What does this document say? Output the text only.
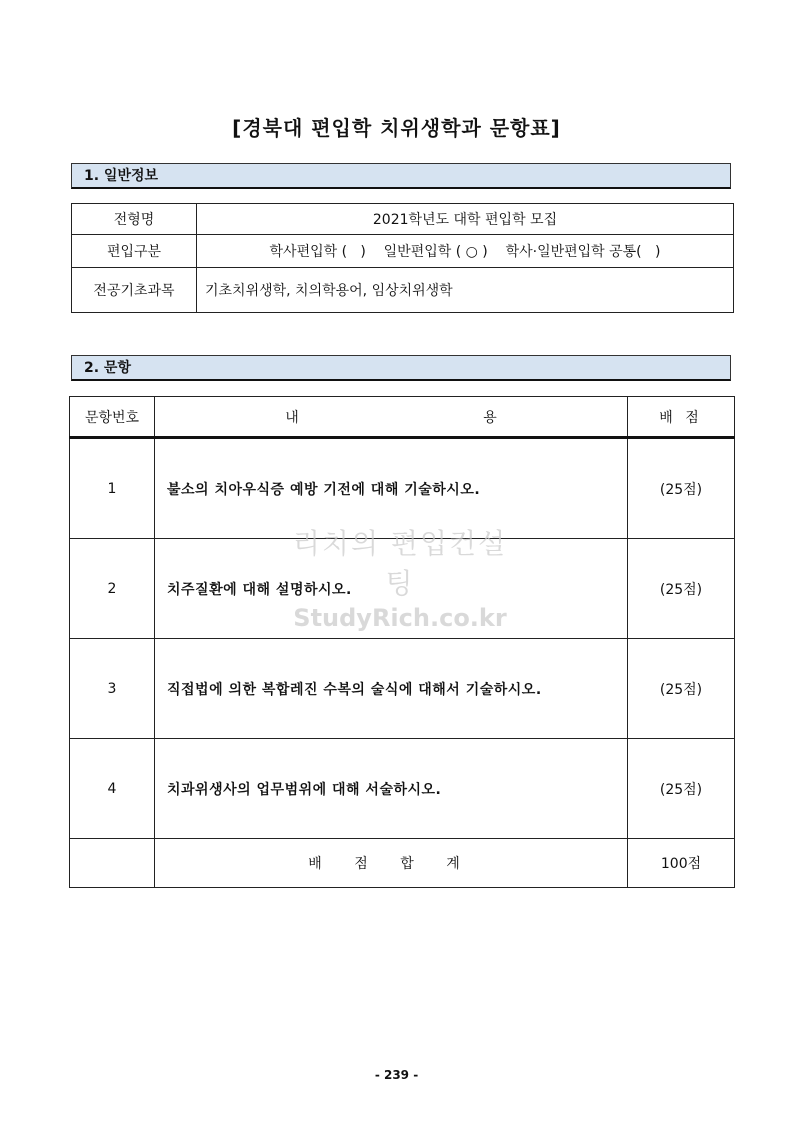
[경북대 편입학 치위생학과 문항표]
1. 일반정보
전형명	2021학년도 대학 편입학 모집
편입구분	학사편입학 (   )    일반편입학 ( ○ )    학사·일반편입학 공통(   )
전공기초과목	기초치위생학, 치의학용어, 임상치위생학
2. 문항
문항번호	내 용	배 점
1	불소의 치아우식증 예방 기전에 대해 기술하시오.	(25점)
2	치주질환에 대해 설명하시오.	(25점)
3	직접법에 의한 복합레진 수복의 술식에 대해서 기술하시오.	(25점)
4	치과위생사의 업무범위에 대해 서술하시오.	(25점)
	배 점 합 계	100점
리치의 편입컨설팅
StudyRich.co.kr
- 239 -
